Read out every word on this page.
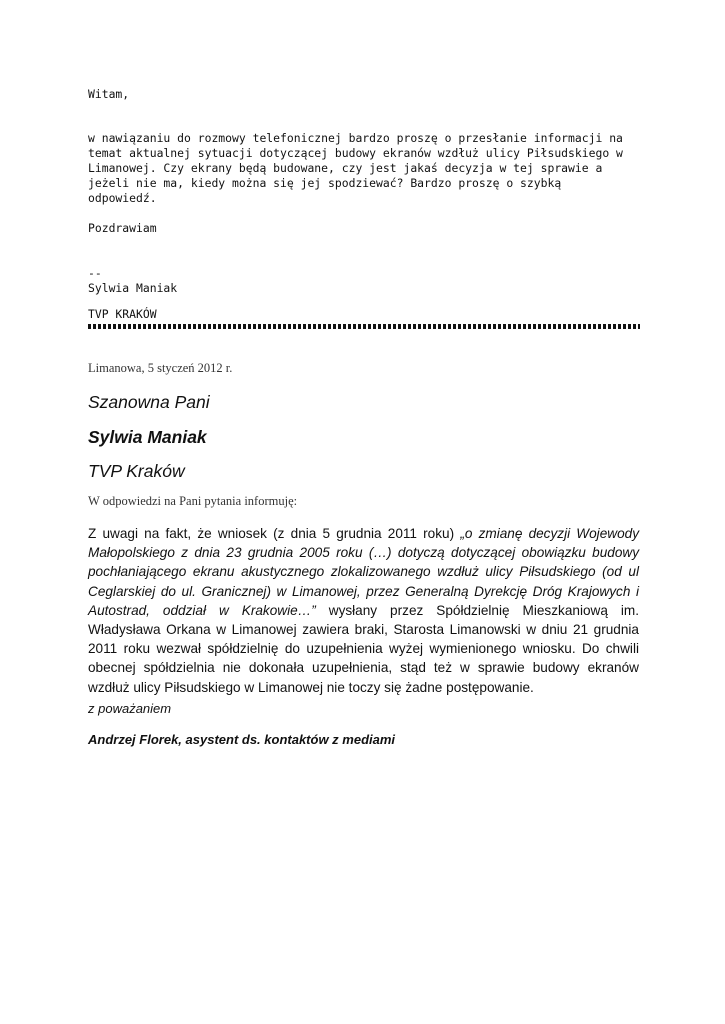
Witam,
w nawiązaniu do rozmowy telefonicznej bardzo proszę o przesłanie informacji na
temat aktualnej sytuacji dotyczącej budowy ekranów wzdłuż ulicy Piłsudskiego w
Limanowej. Czy ekrany będą budowane, czy jest jakaś decyzja w tej sprawie a
jeżeli nie ma, kiedy można się jej spodziewać? Bardzo proszę o szybką
odpowiedź.
Pozdrawiam
--
Sylwia Maniak
TVP KRAKÓW
Limanowa, 5 styczeń 2012 r.
Szanowna Pani
Sylwia Maniak
TVP Kraków
W odpowiedzi na Pani pytania informuję:
Z uwagi na fakt, że wniosek (z dnia 5 grudnia 2011 roku) „o zmianę decyzji Wojewody Małopolskiego z dnia 23 grudnia 2005 roku (…) dotyczą dotyczącej obowiązku budowy pochłaniającego ekranu akustycznego zlokalizowanego wzdłuż ulicy Piłsudskiego (od ul Ceglarskiej do ul. Granicznej) w Limanowej, przez Generalną Dyrekcję Dróg Krajowych i Autostrad, oddział w Krakowie…” wysłany przez Spółdzielnię Mieszkaniową im. Władysława Orkana w Limanowej zawiera braki, Starosta Limanowski w dniu 21 grudnia 2011 roku wezwał spółdzielnię do uzupełnienia wyżej wymienionego wniosku. Do chwili obecnej spółdzielnia nie dokonała uzupełnienia, stąd też w sprawie budowy ekranów wzdłuż ulicy Piłsudskiego w Limanowej nie toczy się żadne postępowanie.
z poważaniem
Andrzej Florek, asystent ds. kontaktów z mediami
